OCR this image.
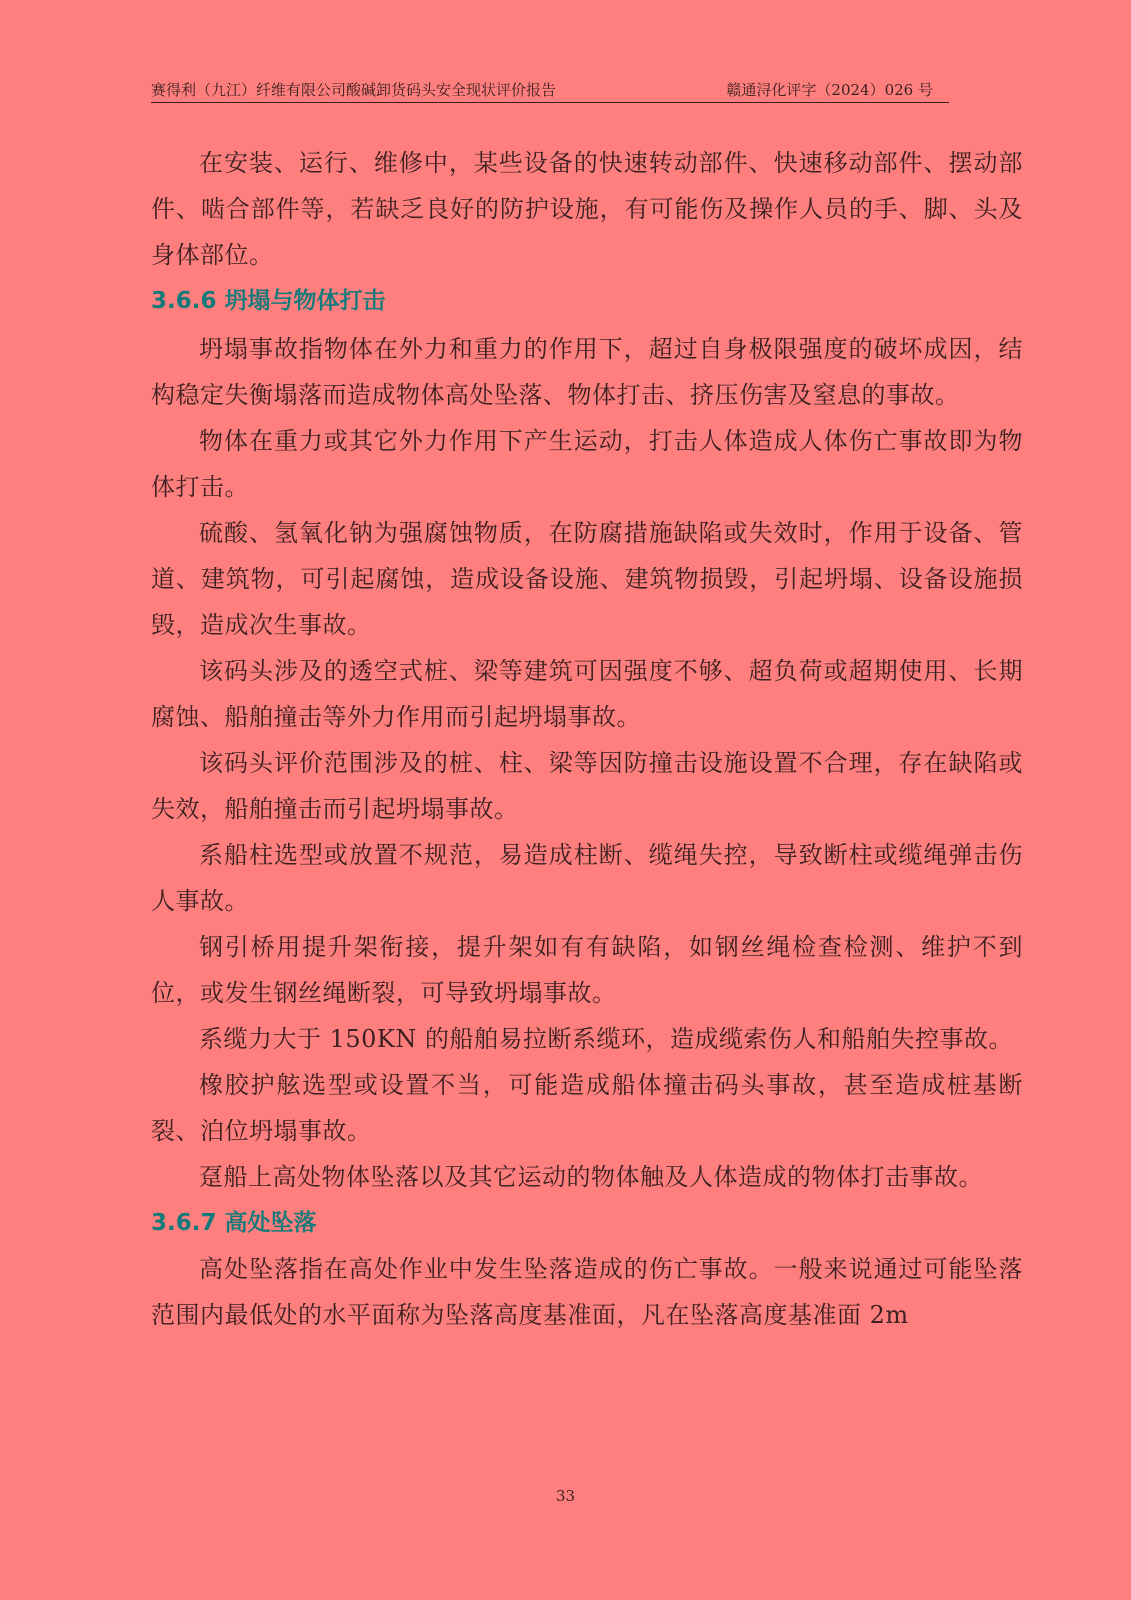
赛得利（九江）纤维有限公司酸碱卸货码头安全现状评价报告	赣通浔化评字（2024）026 号

在安装、运行、维修中，某些设备的快速转动部件、快速移动部件、摆动部件、啮合部件等，若缺乏良好的防护设施，有可能伤及操作人员的手、脚、头及身体部位。

3.6.6 坍塌与物体打击

坍塌事故指物体在外力和重力的作用下，超过自身极限强度的破坏成因，结构稳定失衡塌落而造成物体高处坠落、物体打击、挤压伤害及窒息的事故。

物体在重力或其它外力作用下产生运动，打击人体造成人体伤亡事故即为物体打击。

硫酸、氢氧化钠为强腐蚀物质，在防腐措施缺陷或失效时，作用于设备、管道、建筑物，可引起腐蚀，造成设备设施、建筑物损毁，引起坍塌、设备设施损毁，造成次生事故。

该码头涉及的透空式桩、梁等建筑可因强度不够、超负荷或超期使用、长期腐蚀、船舶撞击等外力作用而引起坍塌事故。

该码头评价范围涉及的桩、柱、梁等因防撞击设施设置不合理，存在缺陷或失效，船舶撞击而引起坍塌事故。

系船柱选型或放置不规范，易造成柱断、缆绳失控，导致断柱或缆绳弹击伤人事故。

钢引桥用提升架衔接，提升架如有有缺陷，如钢丝绳检查检测、维护不到位，或发生钢丝绳断裂，可导致坍塌事故。

系缆力大于 150KN 的船舶易拉断系缆环，造成缆索伤人和船舶失控事故。

橡胶护舷选型或设置不当，可能造成船体撞击码头事故，甚至造成桩基断裂、泊位坍塌事故。

趸船上高处物体坠落以及其它运动的物体触及人体造成的物体打击事故。

3.6.7 高处坠落

高处坠落指在高处作业中发生坠落造成的伤亡事故。一般来说通过可能坠落范围内最低处的水平面称为坠落高度基准面，凡在坠落高度基准面 2m

33
